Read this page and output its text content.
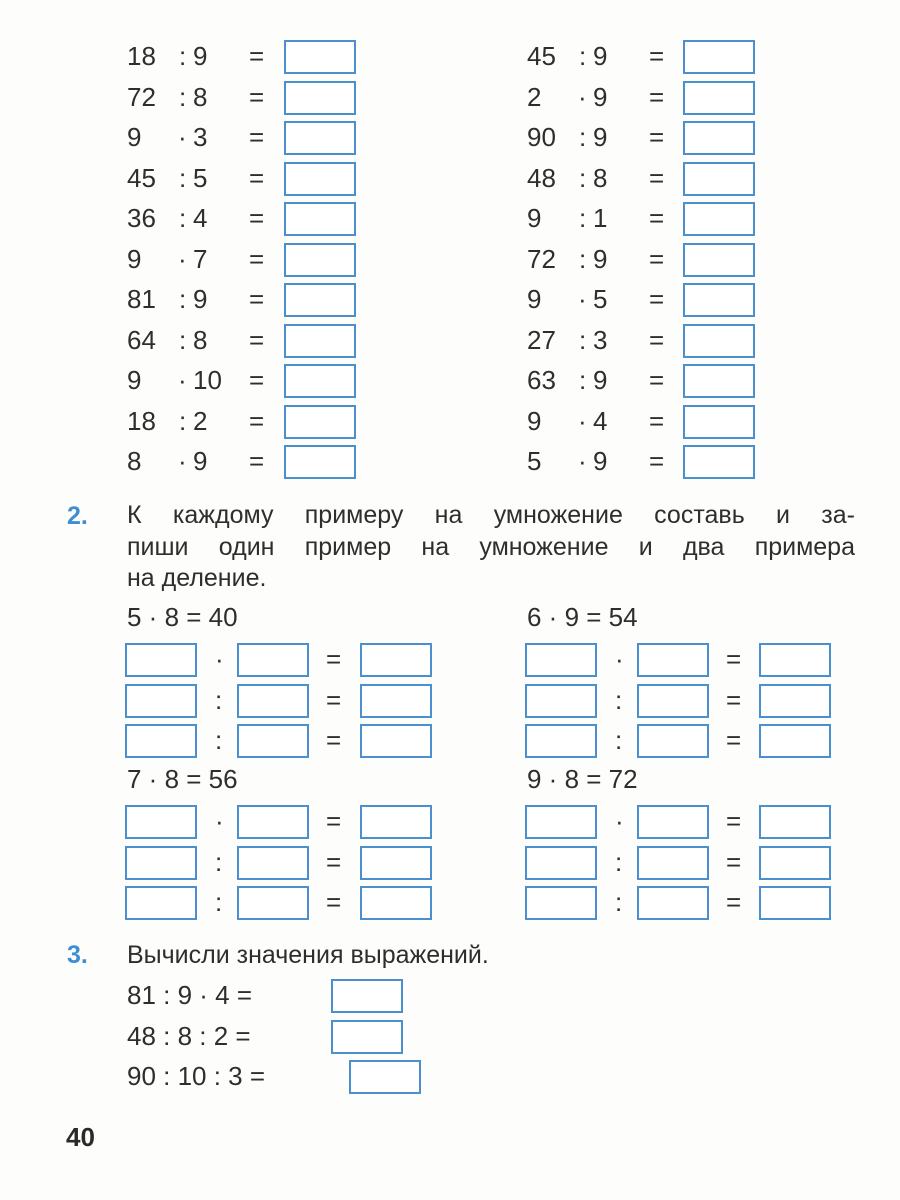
18 : 9 =
72 : 8 =
9 · 3 =
45 : 5 =
36 : 4 =
9 · 7 =
81 : 9 =
64 : 8 =
9 · 10 =
18 : 2 =
8 · 9 =
45 : 9 =
2 · 9 =
90 : 9 =
48 : 8 =
9 : 1 =
72 : 9 =
9 · 5 =
27 : 3 =
63 : 9 =
9 · 4 =
5 · 9 =
2. К каждому примеру на умножение составь и за-
пиши один пример на умножение и два примера
на деление.
5 · 8 = 40
·	=
:	=
:	=
6 · 9 = 54
·	=
:	=
:	=
7 · 8 = 56
·	=
:	=
:	=
9 · 8 = 72
·	=
:	=
:	=
3. Вычисли значения выражений.
81 : 9 · 4 =
48 : 8 : 2 =
90 : 10 : 3 =
40
